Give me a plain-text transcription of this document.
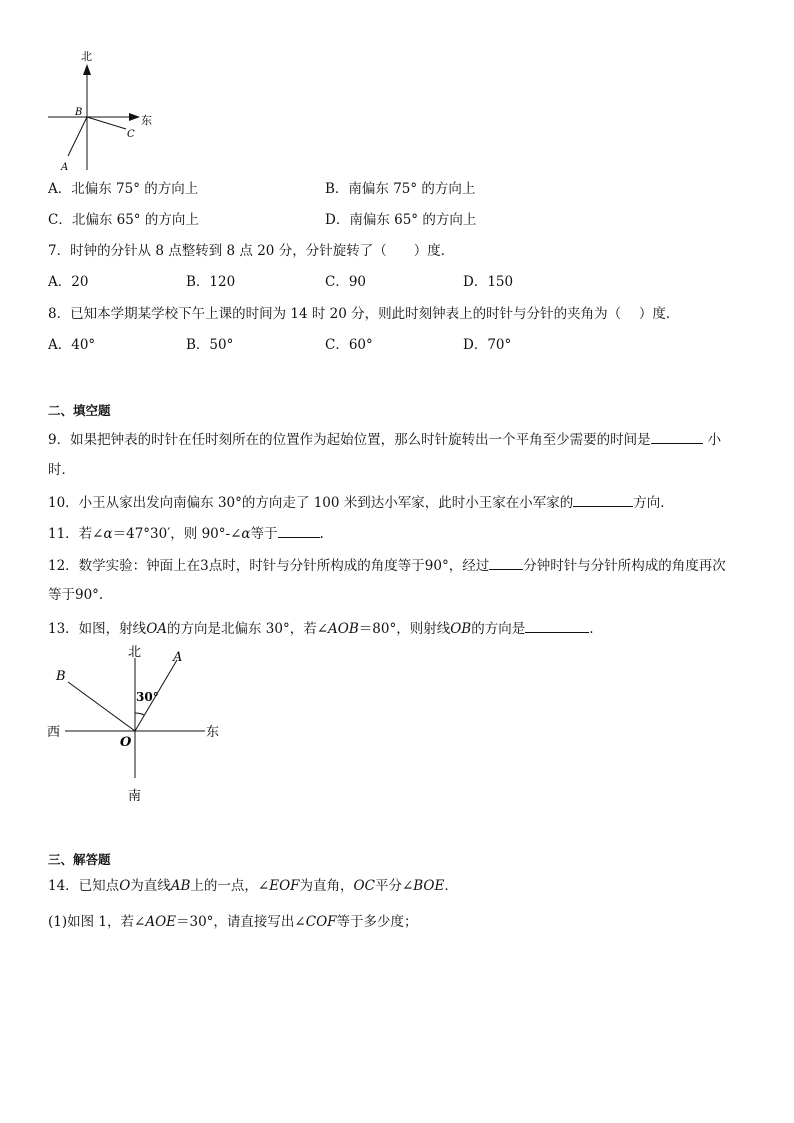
北
东
B
C
A
A．北偏东 75° 的方向上	B．南偏东 75° 的方向上
C．北偏东 65° 的方向上	D．南偏东 65° 的方向上
7．时钟的分针从 8 点整转到 8 点 20 分，分针旋转了（　　）度．
A．20	B．120	C．90	D．150
8．已知本学期某学校下午上课的时间为 14 时 20 分，则此时刻钟表上的时针与分针的夹角为（　 ）度．
A．40°	B．50°	C．60°	D．70°
二、填空题
9．如果把钟表的时针在任时刻所在的位置作为起始位置，那么时针旋转出一个平角至少需要的时间是	小
时．
10．小王从家出发向南偏东 30°的方向走了 100 米到达小军家，此时小王家在小军家的	方向．
11．若∠α＝47°30′，则 90°-∠α等于	.
12．数学实验：钟面上在3点时，时针与分针所构成的角度等于90°，经过	分钟时针与分针所构成的角度再次
等于90°.
13．如图，射线OA的方向是北偏东 30°，若∠AOB＝80°，则射线OB的方向是	.
北
南
西	东
A
B
O
30°
三、解答题
14．已知点O为直线AB上的一点，∠EOF为直角，OC平分∠BOE．
(1)如图 1，若∠AOE＝30°，请直接写出∠COF等于多少度；
